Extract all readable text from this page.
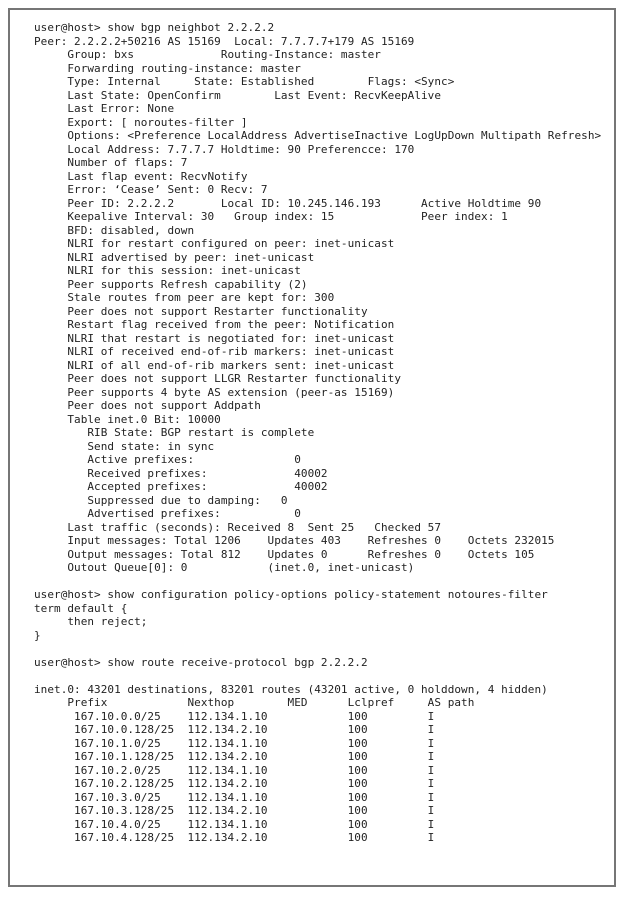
user@host> show bgp neighbot 2.2.2.2
Peer: 2.2.2.2+50216 AS 15169  Local: 7.7.7.7+179 AS 15169
Group: bxs             Routing-Instance: master
Forwarding routing-instance: master
Type: Internal     State: Established        Flags: <Sync>
Last State: OpenConfirm        Last Event: RecvKeepAlive
Last Error: None
Export: [ noroutes-filter ]
Options: <Preference LocalAddress AdvertiseInactive LogUpDown Multipath Refresh>
Local Address: 7.7.7.7 Holdtime: 90 Preferencce: 170
Number of flaps: 7
Last flap event: RecvNotify
Error: ‘Cease’ Sent: 0 Recv: 7
Peer ID: 2.2.2.2       Local ID: 10.245.146.193      Active Holdtime 90
Keepalive Interval: 30   Group index: 15             Peer index: 1
BFD: disabled, down
NLRI for restart configured on peer: inet-unicast
NLRI advertised by peer: inet-unicast
NLRI for this session: inet-unicast
Peer supports Refresh capability (2)
Stale routes from peer are kept for: 300
Peer does not support Restarter functionality
Restart flag received from the peer: Notification
NLRI that restart is negotiated for: inet-unicast
NLRI of received end-of-rib markers: inet-unicast
NLRI of all end-of-rib markers sent: inet-unicast
Peer does not support LLGR Restarter functionality
Peer supports 4 byte AS extension (peer-as 15169)
Peer does not support Addpath
Table inet.0 Bit: 10000
RIB State: BGP restart is complete
Send state: in sync
Active prefixes:               0
Received prefixes:             40002
Accepted prefixes:             40002
Suppressed due to damping:   0
Advertised prefixes:           0
Last traffic (seconds): Received 8  Sent 25   Checked 57
Input messages: Total 1206    Updates 403    Refreshes 0    Octets 232015
Output messages: Total 812    Updates 0      Refreshes 0    Octets 105
Outout Queue[0]: 0            (inet.0, inet-unicast)
user@host> show configuration policy-options policy-statement notoures-filter
term default {
then reject;
}
user@host> show route receive-protocol bgp 2.2.2.2
inet.0: 43201 destinations, 83201 routes (43201 active, 0 holddown, 4 hidden)
Prefix            Nexthop        MED      Lclpref     AS path
167.10.0.0/25    112.134.1.10            100         I
167.10.0.128/25  112.134.2.10            100         I
167.10.1.0/25    112.134.1.10            100         I
167.10.1.128/25  112.134.2.10            100         I
167.10.2.0/25    112.134.1.10            100         I
167.10.2.128/25  112.134.2.10            100         I
167.10.3.0/25    112.134.1.10            100         I
167.10.3.128/25  112.134.2.10            100         I
167.10.4.0/25    112.134.1.10            100         I
167.10.4.128/25  112.134.2.10            100         I
